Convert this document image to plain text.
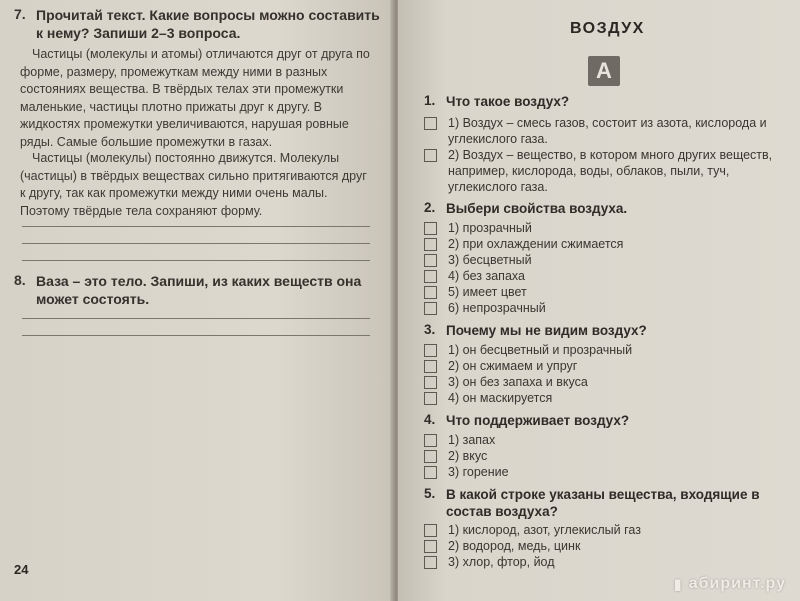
7. Прочитай текст. Какие вопросы можно составить к нему? Запиши 2–3 вопроса.
Частицы (молекулы и атомы) отличаются друг от друга по форме, размеру, промежуткам между ними в разных состояниях вещества. В твёрдых телах эти промежутки маленькие, частицы плотно прижаты друг к другу. В жидкостях промежутки увеличиваются, нарушая ровные ряды. Самые большие промежутки в газах.
Частицы (молекулы) постоянно движутся. Молекулы (частицы) в твёрдых веществах сильно притягиваются друг к другу, так как промежутки между ними очень малы. Поэтому твёрдые тела сохраняют форму.
8. Ваза – это тело. Запиши, из каких веществ она может состоять.
24
ВОЗДУХ
А
1. Что такое воздух?
1) Воздух – смесь газов, состоит из азота, кислорода и углекислого газа.
2) Воздух – вещество, в котором много других веществ, например, кислорода, воды, облаков, пыли, туч, углекислого газа.
2. Выбери свойства воздуха.
1) прозрачный
2) при охлаждении сжимается
3) бесцветный
4) без запаха
5) имеет цвет
6) непрозрачный
3. Почему мы не видим воздух?
1) он бесцветный и прозрачный
2) он сжимаем и упруг
3) он без запаха и вкуса
4) он маскируется
4. Что поддерживает воздух?
1) запах
2) вкус
3) горение
5. В какой строке указаны вещества, входящие в состав воздуха?
1) кислород, азот, углекислый газ
2) водород, медь, цинк
3) хлор, фтор, йод
▮ абиринт.ру
